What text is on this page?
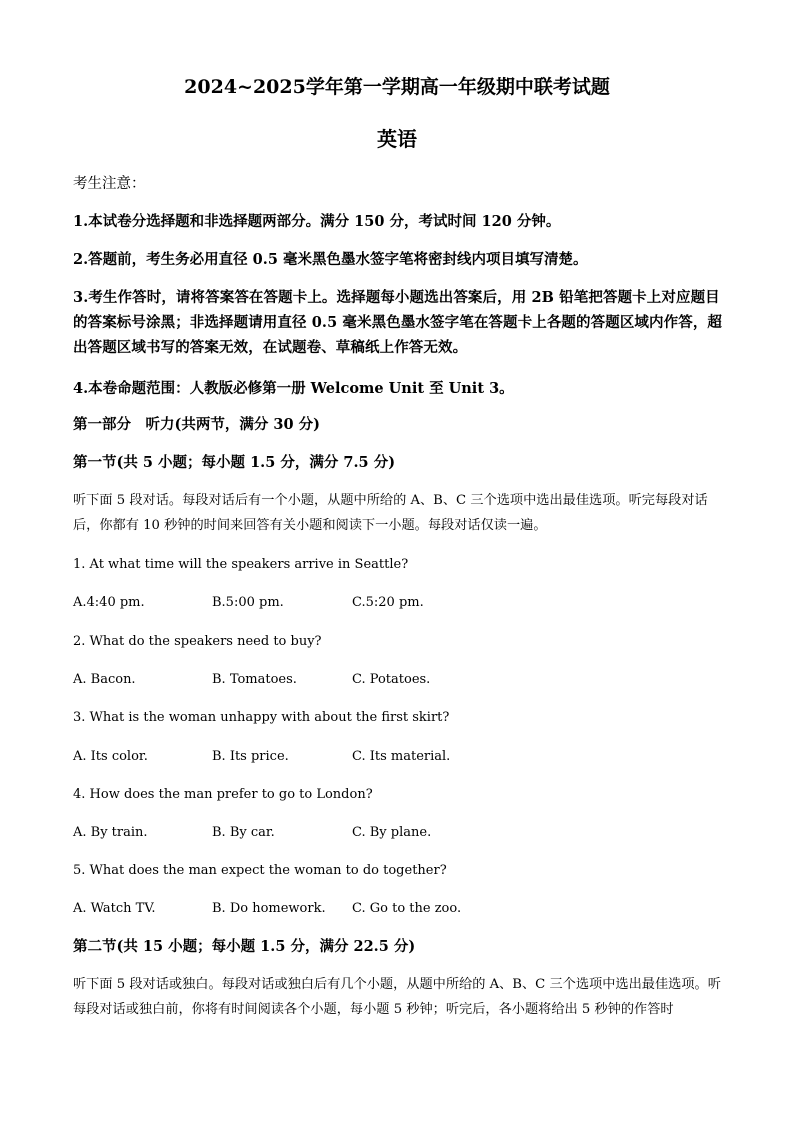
2024~2025学年第一学期高一年级期中联考试题
英语

考生注意：

1.本试卷分选择题和非选择题两部分。满分 150 分，考试时间 120 分钟。

2.答题前，考生务必用直径 0.5 毫米黑色墨水签字笔将密封线内项目填写清楚。

3.考生作答时，请将答案答在答题卡上。选择题每小题选出答案后，用 2B 铅笔把答题卡上对应题目的答案标号涂黑；非选择题请用直径 0.5 毫米黑色墨水签字笔在答题卡上各题的答题区域内作答，超出答题区域书写的答案无效，在试题卷、草稿纸上作答无效。

4.本卷命题范围：人教版必修第一册 Welcome Unit 至 Unit 3。

第一部分　听力(共两节，满分 30 分)

第一节(共 5 小题；每小题 1.5 分，满分 7.5 分)

听下面 5 段对话。每段对话后有一个小题，从题中所给的 A、B、C 三个选项中选出最佳选项。听完每段对话后，你都有 10 秒钟的时间来回答有关小题和阅读下一小题。每段对话仅读一遍。

1. At what time will the speakers arrive in Seattle?

A.4:40 pm.	B.5:00 pm.	C.5:20 pm.

2. What do the speakers need to buy?

A. Bacon.	B. Tomatoes.	C. Potatoes.

3. What is the woman unhappy with about the first skirt?

A. Its color.	B. Its price.	C. Its material.

4. How does the man prefer to go to London?

A. By train.	B. By car.	C. By plane.

5. What does the man expect the woman to do together?

A. Watch TV.	B. Do homework. C. Go to the zoo.

第二节(共 15 小题；每小题 1.5 分，满分 22.5 分)

听下面 5 段对话或独白。每段对话或独白后有几个小题，从题中所给的 A、B、C 三个选项中选出最佳选项。听每段对话或独白前，你将有时间阅读各个小题，每小题 5 秒钟；听完后，各小题将给出 5 秒钟的作答时
